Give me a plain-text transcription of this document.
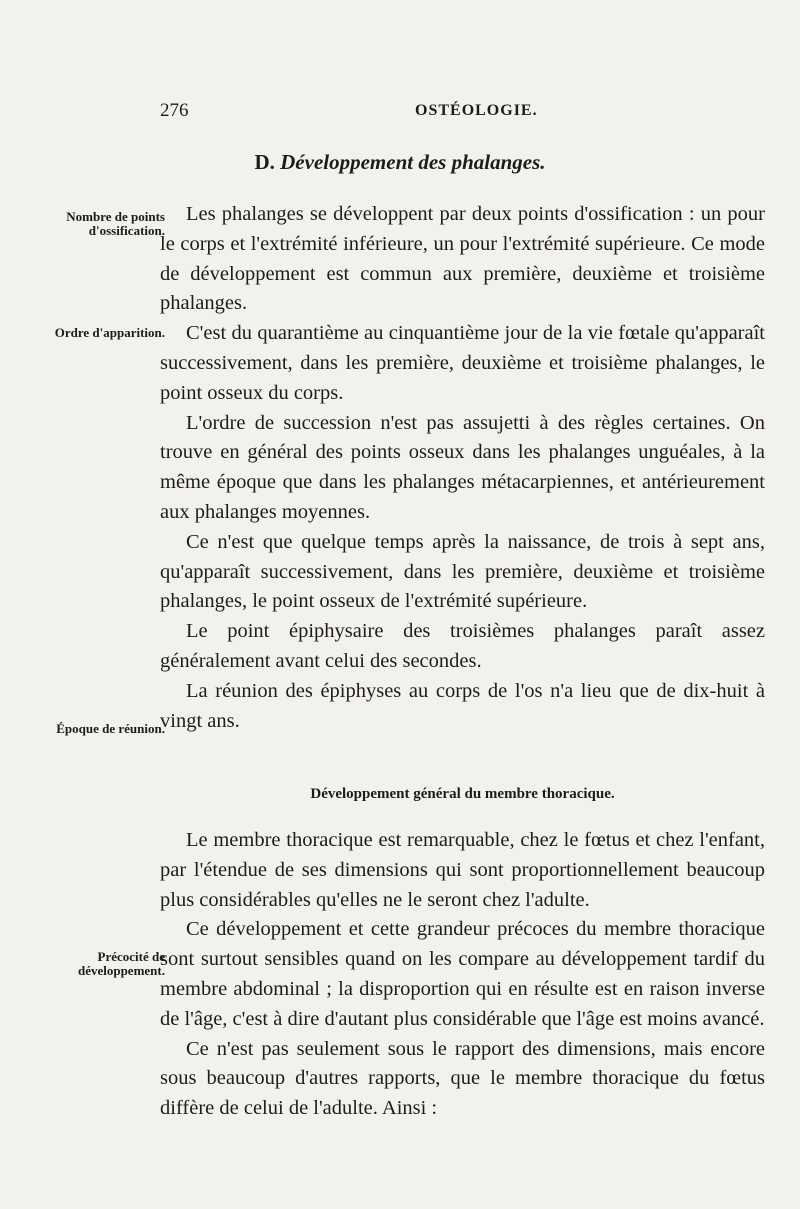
276	OSTÉOLOGIE.
D. Développement des phalanges.
Nombre de points d'ossification.
Ordre d'apparition.
Époque de réunion.
Précocité de développement.

Les phalanges se développent par deux points d'ossification : un pour le corps et l'extrémité inférieure, un pour l'extrémité supérieure. Ce mode de développement est commun aux première, deuxième et troisième phalanges.

C'est du quarantième au cinquantième jour de la vie fœtale qu'apparaît successivement, dans les première, deuxième et troisième phalanges, le point osseux du corps.

L'ordre de succession n'est pas assujetti à des règles certaines. On trouve en général des points osseux dans les phalanges unguéales, à la même époque que dans les phalanges métacarpiennes, et antérieurement aux phalanges moyennes.

Ce n'est que quelque temps après la naissance, de trois à sept ans, qu'apparaît successivement, dans les première, deuxième et troisième phalanges, le point osseux de l'extrémité supérieure.

Le point épiphysaire des troisièmes phalanges paraît assez généralement avant celui des secondes.

La réunion des épiphyses au corps de l'os n'a lieu que de dix-huit à vingt ans.

Développement général du membre thoracique.

Le membre thoracique est remarquable, chez le fœtus et chez l'enfant, par l'étendue de ses dimensions qui sont proportionnellement beaucoup plus considérables qu'elles ne le seront chez l'adulte.

Ce développement et cette grandeur précoces du membre thoracique sont surtout sensibles quand on les compare au développement tardif du membre abdominal ; la disproportion qui en résulte est en raison inverse de l'âge, c'est à dire d'autant plus considérable que l'âge est moins avancé.

Ce n'est pas seulement sous le rapport des dimensions, mais encore sous beaucoup d'autres rapports, que le membre thoracique du fœtus diffère de celui de l'adulte. Ainsi :
